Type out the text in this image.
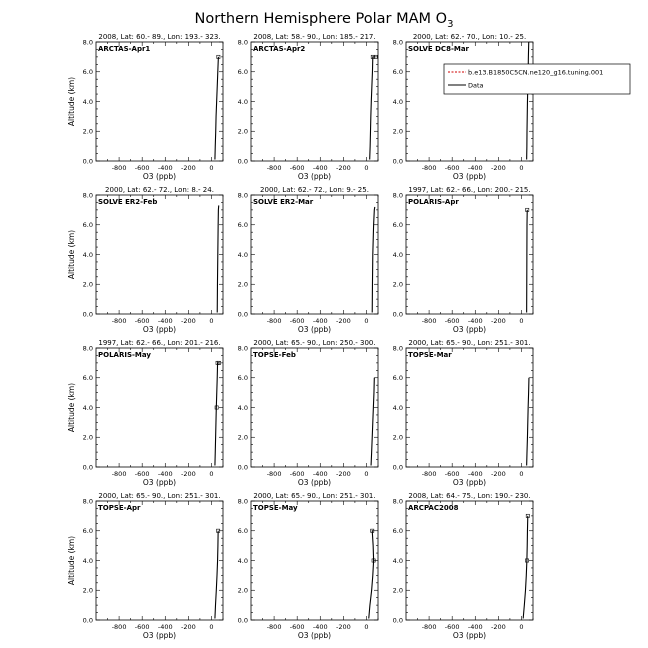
Northern Hemisphere Polar MAM $O_3$
2008, Lat: 60.- 89., Lon: 193.- 323.
ARCTAS-Apr1
-800 -600 -400 -200 0
0.0
2.0
4.0
6.0
8.0
O3 (ppb)
Altitude (km)
2008, Lat: 58.- 90., Lon: 185.- 217.
ARCTAS-Apr2
-800 -600 -400 -200 0
0.0
2.0
4.0
6.0
8.0
O3 (ppb)
2000, Lat: 62.- 70., Lon: 10.- 25.
SOLVE DC8-Mar
-800 -600 -400 -200 0
0.0
2.0
4.0
6.0
8.0
O3 (ppb)
b.e13.B1850C5CN.ne120_g16.tuning.001
Data
2000, Lat: 62.- 72., Lon: 8.- 24.
SOLVE ER2-Feb
-800 -600 -400 -200 0
0.0
2.0
4.0
6.0
8.0
O3 (ppb)
Altitude (km)
2000, Lat: 62.- 72., Lon: 9.- 25.
SOLVE ER2-Mar
-800 -600 -400 -200 0
0.0
2.0
4.0
6.0
8.0
O3 (ppb)
1997, Lat: 62.- 66., Lon: 200.- 215.
POLARIS-Apr
-800 -600 -400 -200 0
0.0
2.0
4.0
6.0
8.0
O3 (ppb)
1997, Lat: 62.- 66., Lon: 201.- 216.
POLARIS-May
-800 -600 -400 -200 0
0.0
2.0
4.0
6.0
8.0
O3 (ppb)
Altitude (km)
2000, Lat: 65.- 90., Lon: 250.- 300.
TOPSE-Feb
-800 -600 -400 -200 0
0.0
2.0
4.0
6.0
8.0
O3 (ppb)
2000, Lat: 65.- 90., Lon: 251.- 301.
TOPSE-Mar
-800 -600 -400 -200 0
0.0
2.0
4.0
6.0
8.0
O3 (ppb)
2000, Lat: 65.- 90., Lon: 251.- 301.
TOPSE-Apr
-800 -600 -400 -200 0
0.0
2.0
4.0
6.0
8.0
O3 (ppb)
Altitude (km)
2000, Lat: 65.- 90., Lon: 251.- 301.
TOPSE-May
-800 -600 -400 -200 0
0.0
2.0
4.0
6.0
8.0
O3 (ppb)
2008, Lat: 64.- 75., Lon: 190.- 230.
ARCPAC2008
-800 -600 -400 -200 0
0.0
2.0
4.0
6.0
8.0
O3 (ppb)
